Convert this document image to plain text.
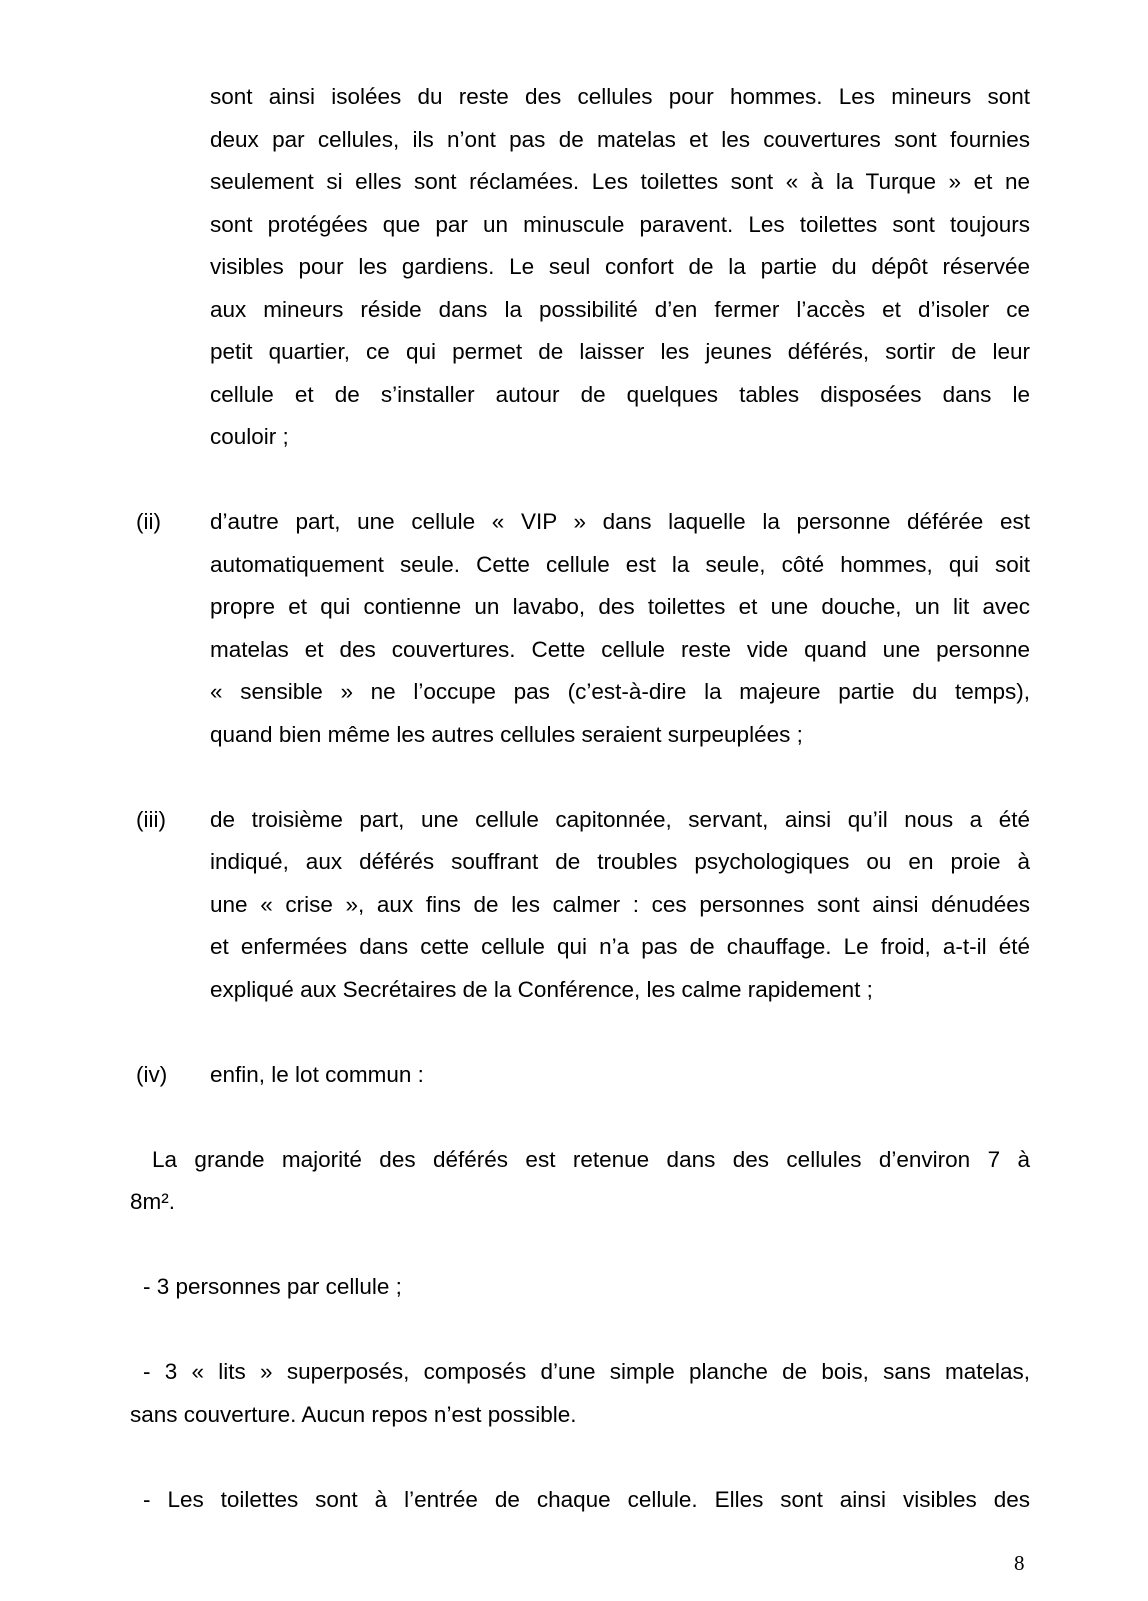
sont ainsi isolées du reste des cellules pour hommes. Les mineurs sont
deux par cellules, ils n’ont pas de matelas et les couvertures sont fournies
seulement si elles sont réclamées. Les toilettes sont « à la Turque » et ne
sont protégées que par un minuscule paravent. Les toilettes sont toujours
visibles pour les gardiens. Le seul confort de la partie du dépôt réservée
aux mineurs réside dans la possibilité d’en fermer l’accès et d’isoler ce
petit quartier, ce qui permet de laisser les jeunes déférés, sortir de leur
cellule et de s’installer autour de quelques tables disposées dans le
couloir ;
(ii) d’autre part, une cellule « VIP » dans laquelle la personne déférée est
automatiquement seule. Cette cellule est la seule, côté hommes, qui soit
propre et qui contienne un lavabo, des toilettes et une douche, un lit avec
matelas et des couvertures. Cette cellule reste vide quand une personne
« sensible » ne l’occupe pas (c’est-à-dire la majeure partie du temps),
quand bien même les autres cellules seraient surpeuplées ;
(iii) de troisième part, une cellule capitonnée, servant, ainsi qu’il nous a été
indiqué, aux déférés souffrant de troubles psychologiques ou en proie à
une « crise », aux fins de les calmer : ces personnes sont ainsi dénudées
et enfermées dans cette cellule qui n’a pas de chauffage. Le froid, a-t-il été
expliqué aux Secrétaires de la Conférence, les calme rapidement ;
(iv) enfin, le lot commun :
La grande majorité des déférés est retenue dans des cellules d’environ 7 à
8m².
- 3 personnes par cellule ;
- 3 « lits » superposés, composés d’une simple planche de bois, sans matelas,
sans couverture. Aucun repos n’est possible.
- Les toilettes sont à l’entrée de chaque cellule. Elles sont ainsi visibles des
8
